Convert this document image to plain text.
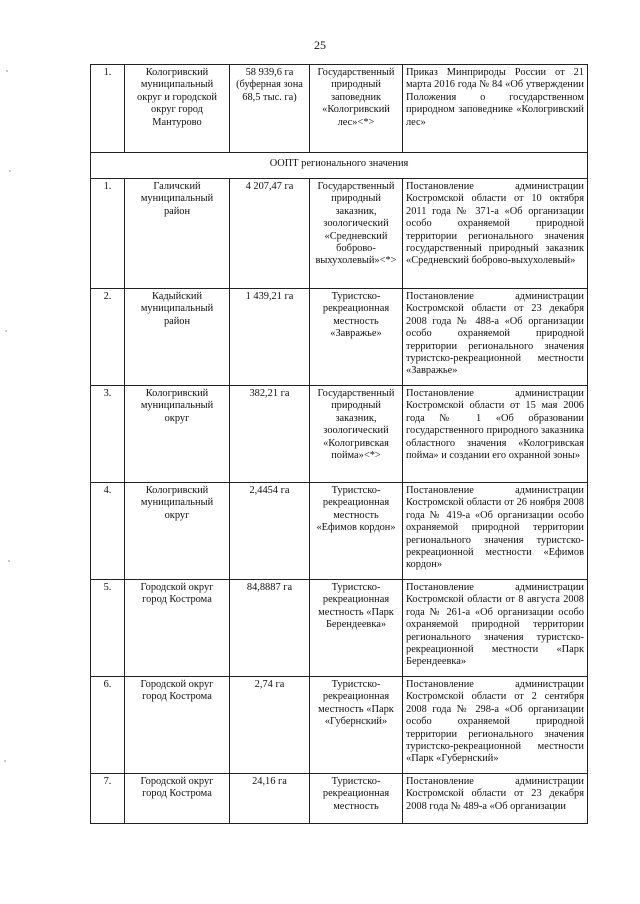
25
1.	Кологривский муниципальный округ и городской округ город Мантурово	58 939,6 га (буферная зона 68,5 тыс. га)	Государственный природный заповедник «Кологривский лес»<*>	Приказ Минприроды России от 21 марта 2016 года № 84 «Об утверждении Положения о государственном природном заповеднике «Кологривский лес»
ООПТ регионального значения				
1.	Галичский муниципальный район	4 207,47 га	Государственный природный заказник, зоологический «Средневский боброво-выхухолевый»<*>	Постановление администрации Костромской области от 10 октября 2011 года № 371-а «Об организации особо охраняемой природной территории регионального значения государственный природный заказник «Средневский боброво-выхухолевый»
2.	Кадыйский муниципальный район	1 439,21 га	Туристско-рекреационная местность «Завражье»	Постановление администрации Костромской области от 23 декабря 2008 года № 488-а «Об организации особо охраняемой природной территории регионального значения туристско-рекреационной местности «Завражье»
3.	Кологривский муниципальный округ	382,21 га	Государственный природный заказник, зоологический «Кологривская пойма»<*>	Постановление администрации Костромской области от 15 мая 2006 года № 1 «Об образовании государственного природного заказника областного значения «Кологривская пойма» и создании его охранной зоны»
4.	Кологривский муниципальный округ	2,4454 га	Туристско-рекреационная местность «Ефимов кордон»	Постановление администрации Костромской области от 26 ноября 2008 года № 419-а «Об организации особо охраняемой природной территории регионального значения туристско-рекреационной местности «Ефимов кордон»
5.	Городской округ город Кострома	84,8887 га	Туристско-рекреационная местность «Парк Берендеевка»	Постановление администрации Костромской области от 8 августа 2008 года № 261-а «Об организации особо охраняемой природной территории регионального значения туристско-рекреационной местности «Парк Берендеевка»
6.	Городской округ город Кострома	2,74 га	Туристско-рекреационная местность «Парк «Губернский»	Постановление администрации Костромской области от 2 сентября 2008 года № 298-а «Об организации особо охраняемой природной территории регионального значения туристско-рекреационной местности «Парк «Губернский»
7.	Городской округ город Кострома	24,16 га	Туристско-рекреационная местность	Постановление администрации Костромской области от 23 декабря 2008 года № 489-а «Об организации
